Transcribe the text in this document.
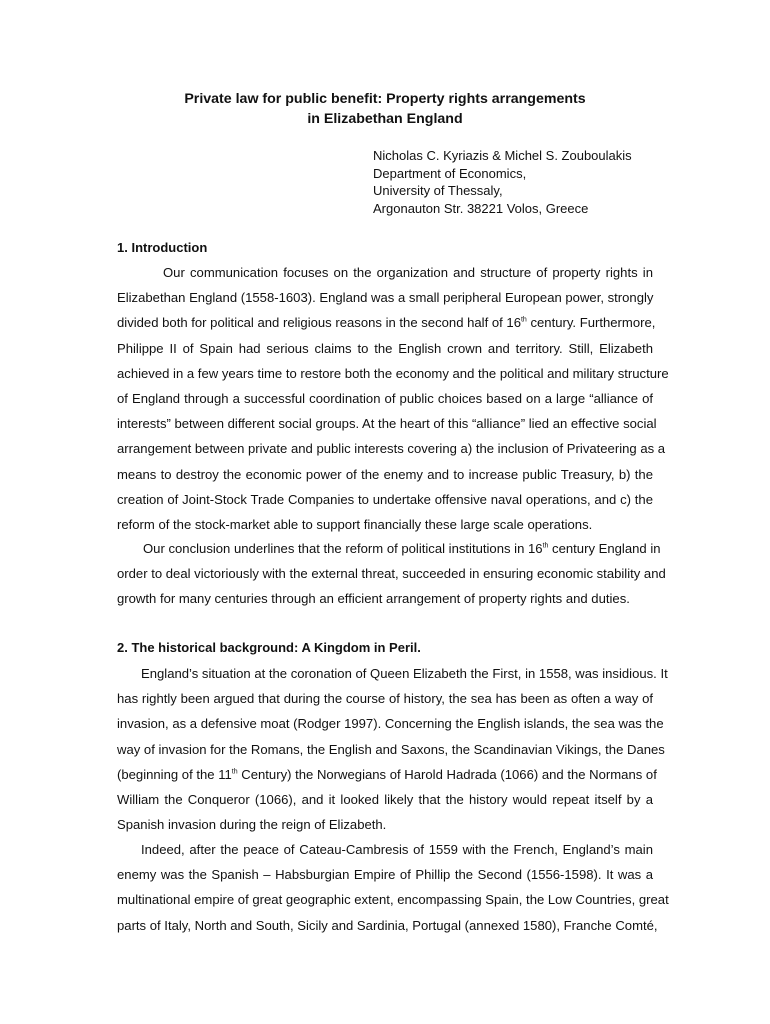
Private law for public benefit: Property rights arrangements
in Elizabethan England
Nicholas C. Kyriazis & Michel S. Zouboulakis
Department of Economics,
University of Thessaly,
Argonauton Str. 38221 Volos, Greece
1. Introduction
Our communication focuses on the organization and structure of property rights in
Elizabethan England (1558-1603). England was a small peripheral European power, strongly
divided both for political and religious reasons in the second half of 16th century. Furthermore,
Philippe II of Spain had serious claims to the English crown and territory. Still, Elizabeth
achieved in a few years time to restore both the economy and the political and military structure
of England through a successful coordination of public choices based on a large “alliance of
interests” between different social groups. At the heart of this “alliance” lied an effective social
arrangement between private and public interests covering a) the inclusion of Privateering as a
means to destroy the economic power of the enemy and to increase public Treasury, b) the
creation of Joint-Stock Trade Companies to undertake offensive naval operations, and c) the
reform of the stock-market able to support financially these large scale operations.
Our conclusion underlines that the reform of political institutions in 16th century England in
order to deal victoriously with the external threat, succeeded in ensuring economic stability and
growth for many centuries through an efficient arrangement of property rights and duties.
2. The historical background: A Kingdom in Peril.
England’s situation at the coronation of Queen Elizabeth the First, in 1558, was insidious. It
has rightly been argued that during the course of history, the sea has been as often a way of
invasion, as a defensive moat (Rodger 1997). Concerning the English islands, the sea was the
way of invasion for the Romans, the English and Saxons, the Scandinavian Vikings, the Danes
(beginning of the 11th Century) the Norwegians of Harold Hadrada (1066) and the Normans of
William the Conqueror (1066), and it looked likely that the history would repeat itself by a
Spanish invasion during the reign of Elizabeth.
Indeed, after the peace of Cateau-Cambresis of 1559 with the French, England’s main
enemy was the Spanish – Habsburgian Empire of Phillip the Second (1556-1598). It was a
multinational empire of great geographic extent, encompassing Spain, the Low Countries, great
parts of Italy, North and South, Sicily and Sardinia, Portugal (annexed 1580), Franche Comté,
